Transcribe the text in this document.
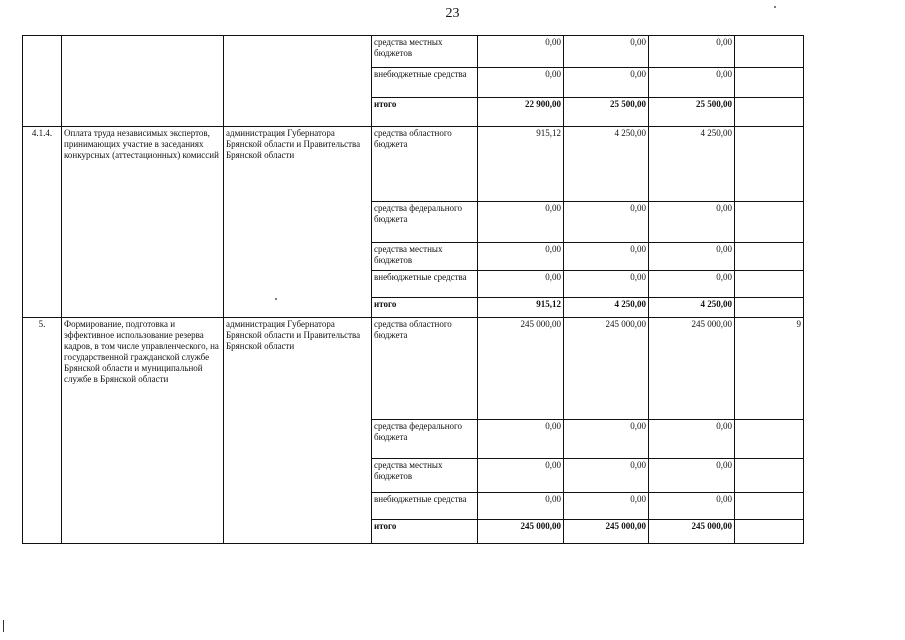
23
			средства местных бюджетов	0,00	0,00	0,00	
			внебюджетные средства	0,00	0,00	0,00	
			итого	22 900,00	25 500,00	25 500,00	
4.1.4.	Оплата труда независимых экспертов, принимающих участие в заседаниях конкурсных (аттестационных) комиссий	администрация Губернатора Брянской области и Правительства Брянской области	средства областного бюджета	915,12	4 250,00	4 250,00	
			средства федерального бюджета	0,00	0,00	0,00	
			средства местных бюджетов	0,00	0,00	0,00	
			внебюджетные средства	0,00	0,00	0,00	
			итого	915,12	4 250,00	4 250,00	
5.	Формирование, подготовка и эффективное использование резерва кадров, в том числе управленческого, на государственной гражданской службе Брянской области и муниципальной службе в Брянской области	администрация Губернатора Брянской области и Правительства Брянской области	средства областного бюджета	245 000,00	245 000,00	245 000,00	9
			средства федерального бюджета	0,00	0,00	0,00	
			средства местных бюджетов	0,00	0,00	0,00	
			внебюджетные средства	0,00	0,00	0,00	
			итого	245 000,00	245 000,00	245 000,00	
